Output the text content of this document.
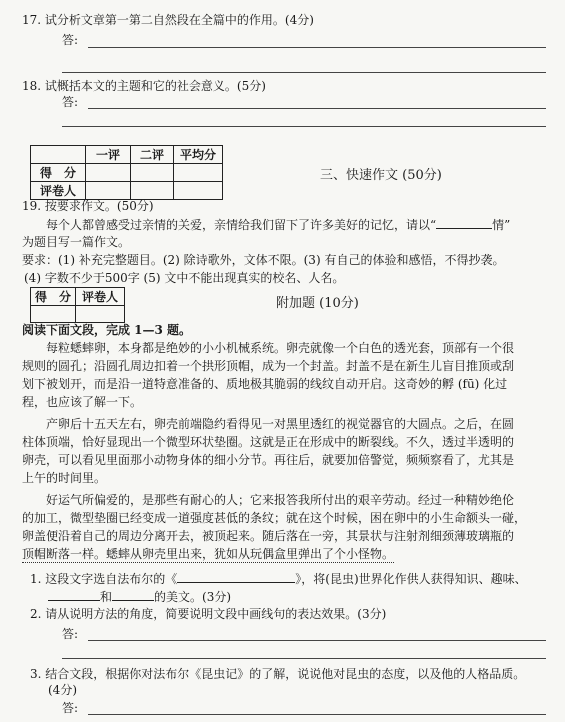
17. 试分析文章第一第二自然段在全篇中的作用。(4分)
答:
18. 试概括本文的主题和它的社会意义。(5分)
答:
	一评	二评	平均分
得　分			
评卷人			
三、快速作文 (50分)
19. 按要求作文。(50分)
每个人都曾感受过亲情的关爱，亲情给我们留下了许多美好的记忆，请以“	情”
为题目写一篇作文。
要求：(1) 补充完整题目。(2) 除诗歌外，文体不限。(3) 有自己的体验和感悟，不得抄袭。
(4) 字数不少于500字 (5) 文中不能出现真实的校名、人名。
得　分	评卷人
		附加题 (10分)
阅读下面文段，完成 1—3 题。
　　每粒蟋蟀卵，本身都是绝妙的小小机械系统。卵壳就像一个白色的透光套，顶部有一个很
规则的圆孔；沿圆孔周边扣着一个拱形顶帽，成为一个封盖。封盖不是在新生儿盲目推顶或刮
划下被划开，而是沿一道特意准备的、质地极其脆弱的线纹自动开启。这奇妙的孵 (fū) 化过
程，也应该了解一下。
　　产卵后十五天左右，卵壳前端隐约看得见一对黑里透红的视觉器官的大圆点。之后，在圆
柱体顶端，恰好显现出一个微型环状垫圈。这就是正在形成中的断裂线。不久，透过半透明的
卵壳，可以看见里面那小动物身体的细小分节。再往后，就要加倍警觉，频频察看了，尤其是
上午的时间里。
　　好运气所偏爱的，是那些有耐心的人；它来报答我所付出的艰辛劳动。经过一种精妙绝伦
的加工，微型垫圈已经变成一道强度甚低的条纹；就在这个时候，困在卵中的小生命额头一碰，
卵盖便沿着自己的周边分离开去，被顶起来。随后落在一旁，其景状与注射剂细颈薄玻璃瓶的
顶帽断落一样。蟋蟀从卵壳里出来，犹如从玩偶盒里弹出了个小怪物。
1. 这段文字选自法布尔的《	》，将(昆虫)世界化作供人获得知识、趣味、
和	的美文。(3分)
2. 请从说明方法的角度，简要说明文段中画线句的表达效果。(3分)
答:
3. 结合文段，根据你对法布尔《昆虫记》的了解，说说他对昆虫的态度，以及他的人格品质。
(4分)
答:
